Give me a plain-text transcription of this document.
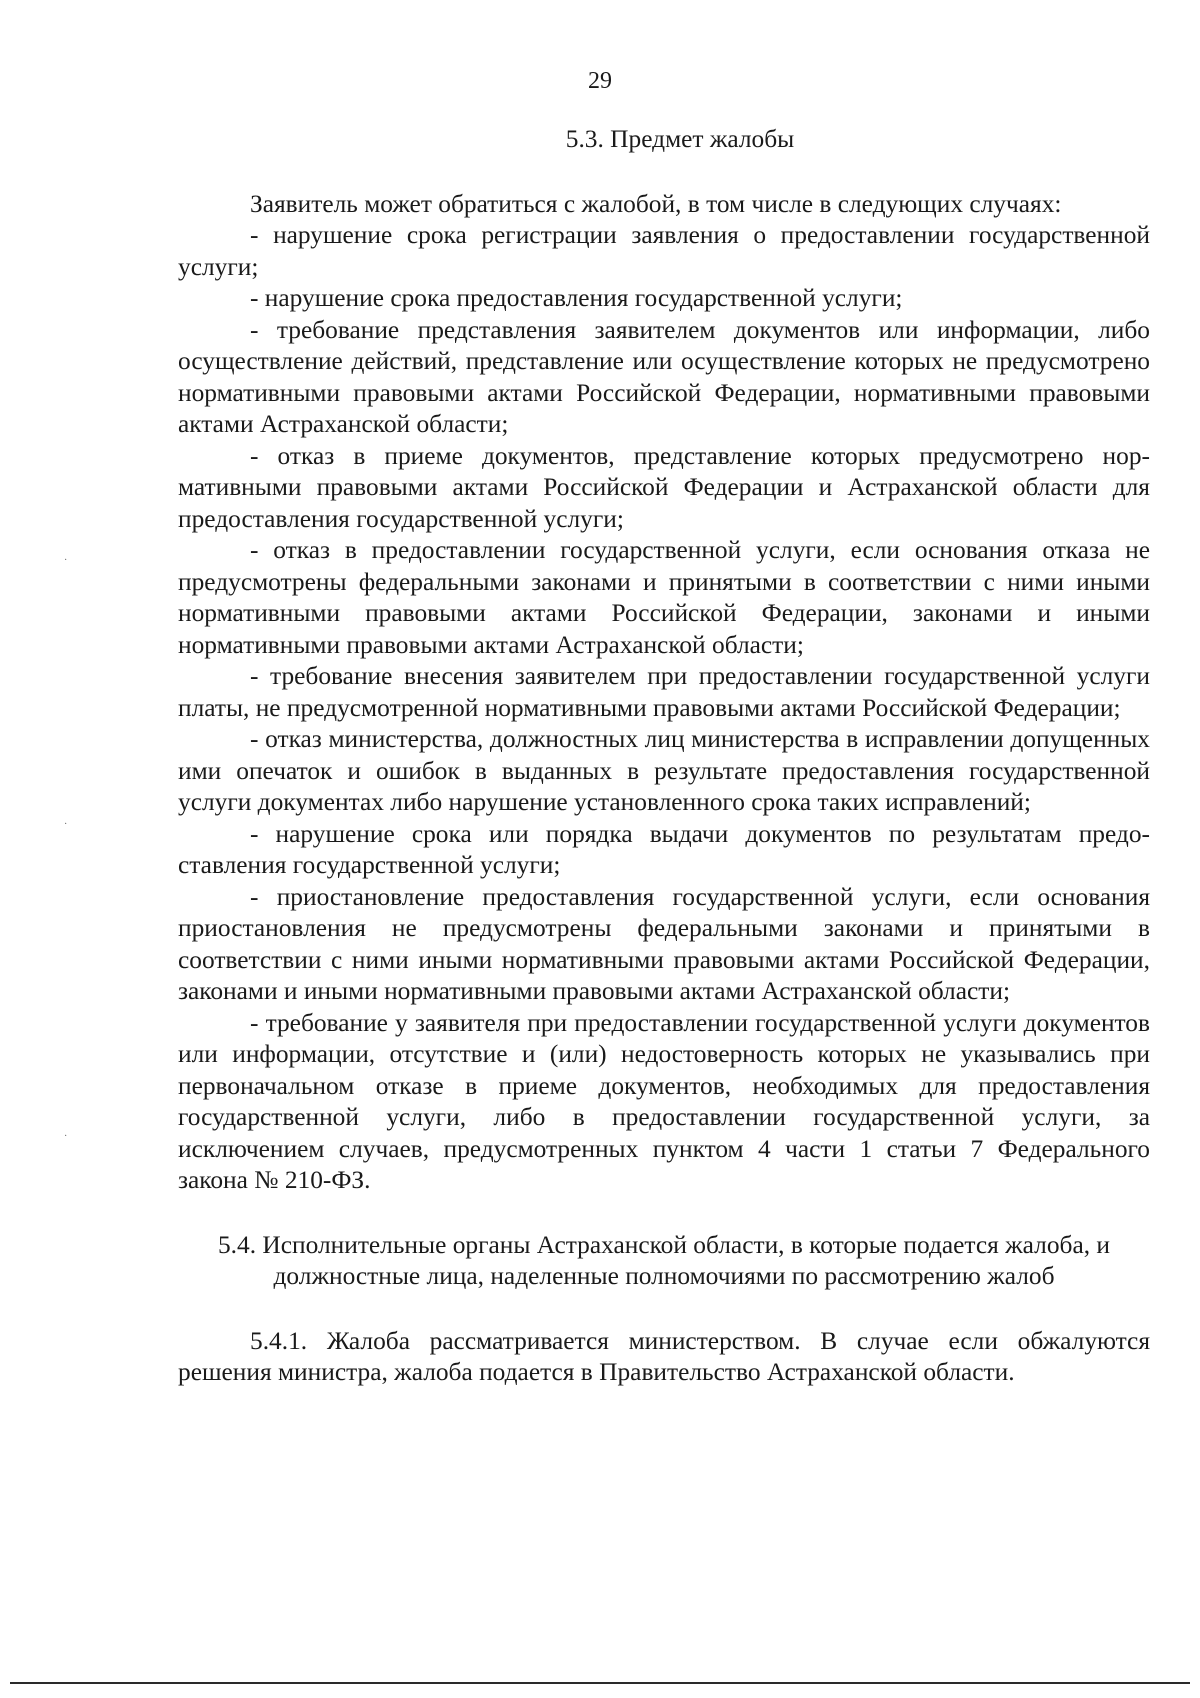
29
5.3. Предмет жалобы

Заявитель может обратиться с жалобой, в том числе в следующих случаях:

- нарушение срока регистрации заявления о предоставлении государственной услуги;

- нарушение срока предоставления государственной услуги;

- требование представления заявителем документов или информации, либо осуществление действий, представление или осуществление которых не предусмотрено нормативными правовыми актами Российской Федерации, нормативными правовыми актами Астраханской области;

- отказ в приеме документов, представление которых предусмотрено нормативными правовыми актами Российской Федерации и Астраханской области для предоставления государственной услуги;

- отказ в предоставлении государственной услуги, если основания отказа не предусмотрены федеральными законами и принятыми в соответствии с ними иными нормативными правовыми актами Российской Федерации, законами и иными нормативными правовыми актами Астраханской области;

- требование внесения заявителем при предоставлении государственной услуги платы, не предусмотренной нормативными правовыми актами Российской Федерации;

- отказ министерства, должностных лиц министерства в исправлении допущенных ими опечаток и ошибок в выданных в результате предоставления государственной услуги документах либо нарушение установленного срока таких исправлений;

- нарушение срока или порядка выдачи документов по результатам предоставления государственной услуги;

- приостановление предоставления государственной услуги, если основания приостановления не предусмотрены федеральными законами и принятыми в соответствии с ними иными нормативными правовыми актами Российской Федерации, законами и иными нормативными правовыми актами Астраханской области;

- требование у заявителя при предоставлении государственной услуги документов или информации, отсутствие и (или) недостоверность которых не указывались при первоначальном отказе в приеме документов, необходимых для предоставления государственной услуги, либо в предоставлении государственной услуги, за исключением случаев, предусмотренных пунктом 4 части 1 статьи 7 Федерального закона № 210-ФЗ.

5.4. Исполнительные органы Астраханской области, в которые подается жалоба, и должностные лица, наделенные полномочиями по рассмотрению жалоб

5.4.1. Жалоба рассматривается министерством. В случае если обжалуются решения министра, жалоба подается в Правительство Астраханской области.

·
·
·
